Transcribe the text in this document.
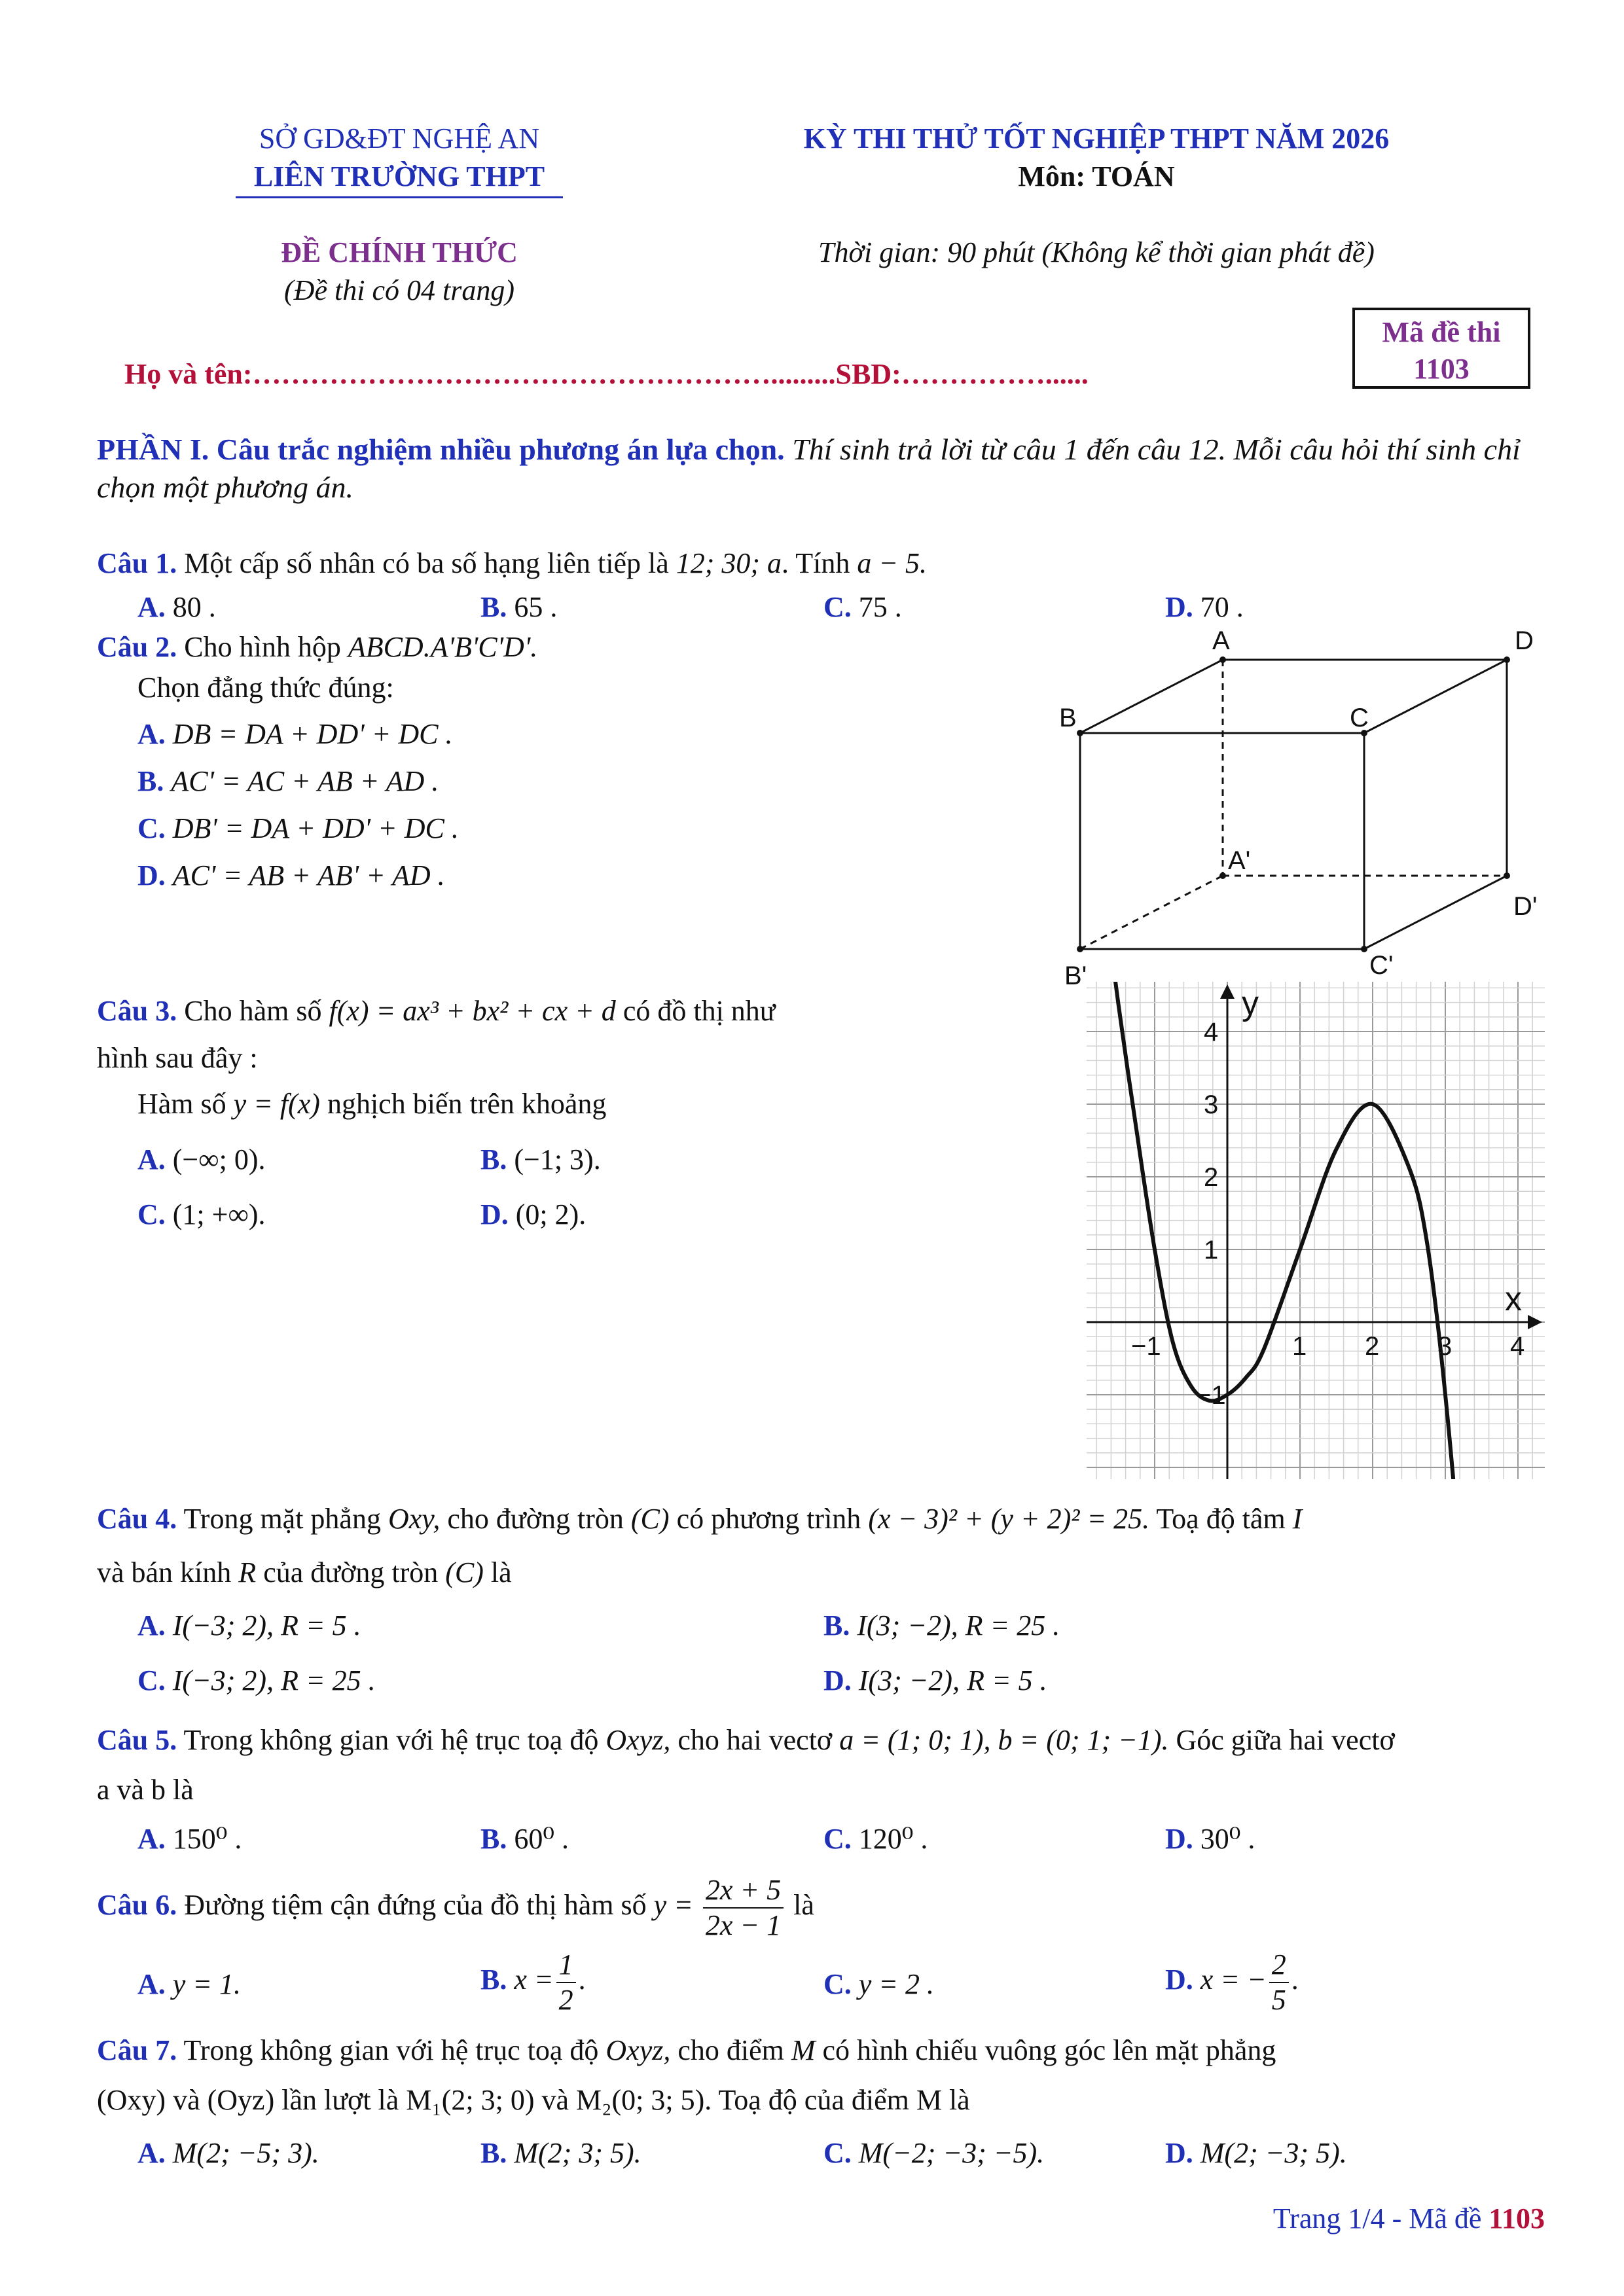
SỞ GD&ĐT NGHỆ AN
LIÊN TRƯỜNG THPT
KỲ THI THỬ TỐT NGHIỆP THPT NĂM 2026
Môn: TOÁN
ĐỀ CHÍNH THỨC
(Đề thi có 04 trang)
Thời gian: 90 phút (Không kể thời gian phát đề)
Họ và tên:……………………………………………….........SBD:……………......
Mã đề thi
1103
PHẦN I. Câu trắc nghiệm nhiều phương án lựa chọn. Thí sinh trả lời từ câu 1 đến câu 12. Mỗi câu hỏi thí sinh chỉ chọn một phương án.
Câu 1. Một cấp số nhân có ba số hạng liên tiếp là 12; 30; a. Tính a − 5.
A. 80 .	B. 65 .	C. 75 .	D. 70 .
Câu 2. Cho hình hộp ABCD.A'B'C'D'.
Chọn đẳng thức đúng:
A. DB = DA + DD' + DC .
B. AC' = AC + AB + AD .
C. DB' = DA + DD' + DC .
D. AC' = AB + AB' + AD .
A	D
B	C
A'
D'
B'	C'
Câu 3. Cho hàm số f(x) = ax³ + bx² + cx + d có đồ thị như
hình sau đây :
Hàm số y = f(x) nghịch biến trên khoảng
A. (−∞; 0).	B. (−1; 3).
C. (1; +∞).	D. (0; 2).
−1	1 2 3 4
−1
1
2
3
4
x
y
Câu 4. Trong mặt phẳng Oxy, cho đường tròn (C) có phương trình (x − 3)² + (y + 2)² = 25. Toạ độ tâm I
và bán kính R của đường tròn (C) là
A. I(−3; 2), R = 5 .	B. I(3; −2), R = 25 .
C. I(−3; 2), R = 25 .	D. I(3; −2), R = 5 .
Câu 5. Trong không gian với hệ trục toạ độ Oxyz, cho hai vectơ a = (1; 0; 1), b = (0; 1; −1). Góc giữa hai vectơ
a và b là
A. 150⁰ .	B. 60⁰ .	C. 120⁰ .	D. 30⁰ .
Câu 6. Đường tiệm cận đứng của đồ thị hàm số $y = \frac{2x + 5}{2x - 1}$ là
A. y = 1.	B. $x = \frac{1}{2}$ .	C. y = 2 .	D. x = − $\frac{2}{5}$ .
Câu 7. Trong không gian với hệ trục toạ độ Oxyz, cho điểm M có hình chiếu vuông góc lên mặt phẳng
(Oxy) và (Oyz) lần lượt là M₁(2; 3; 0) và M₂(0; 3; 5). Toạ độ của điểm M là
A. M(2; −5; 3).	B. M(2; 3; 5).	C. M(−2; −3; −5).	D. M(2; −3; 5).
Trang 1/4 - Mã đề 1103
